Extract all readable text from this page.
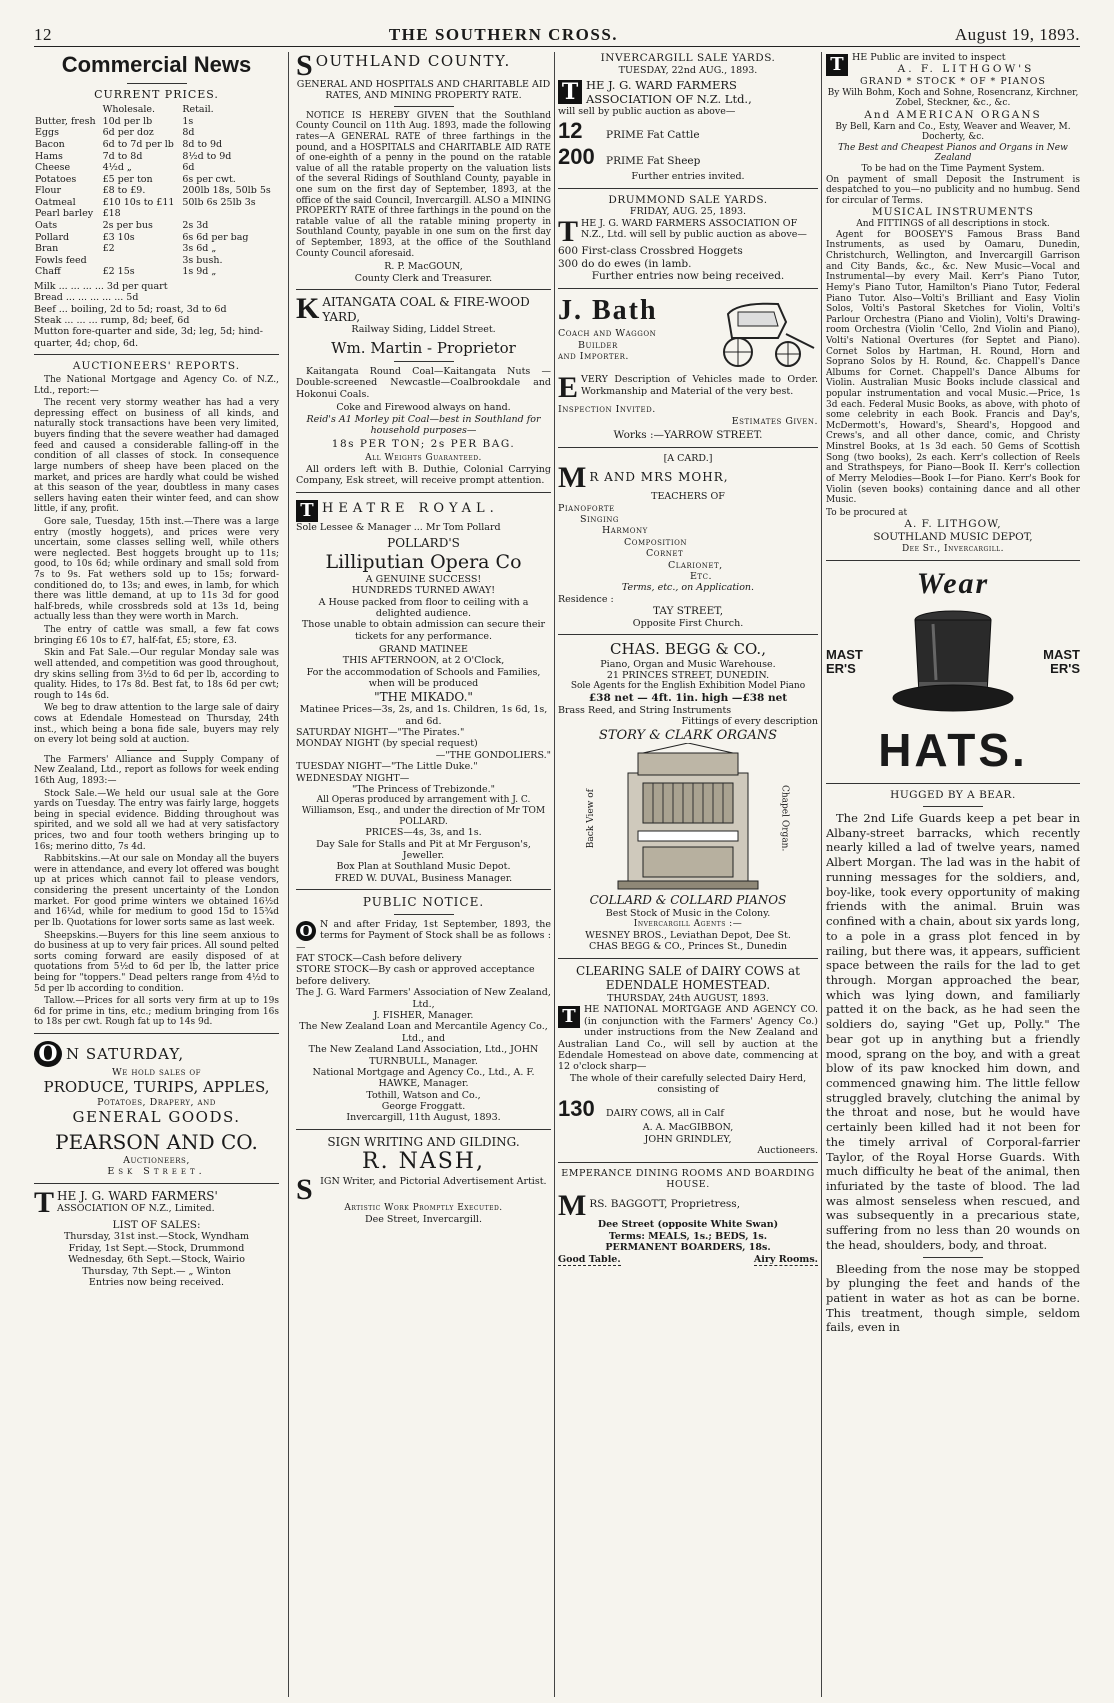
12	THE SOUTHERN CROSS.	August 19, 1893.
Commercial News
CURRENT PRICES.
	Wholesale.	Retail.
Butter, fresh	10d per lb	1s
Eggs	6d per doz	8d
Bacon	6d to 7d per lb	8d to 9d
Hams	7d to 8d	8½d to 9d
Cheese	4½d „	6d
Potatoes	£5 per ton	6s per cwt.
Flour	£8 to £9.	200lb 18s, 50lb 5s
Oatmeal	£10 10s to £11	50lb 6s 25lb 3s
Pearl barley	£18	
Oats	2s per bus	2s 3d
Pollard	£3 10s	6s 6d per bag
Bran	£2	3s 6d „
Fowls feed		3s bush.
Chaff	£2 15s	1s 9d „
Milk ... ... ... ... 3d per quart
Bread ... ... ... ... ... 5d
Beef ... boiling, 2d to 5d; roast, 3d to 6d
Steak ... ... ... rump, 8d; beef, 6d
Mutton fore-quarter and side, 3d; leg, 5d; hind-quarter, 4d; chop, 6d.
AUCTIONEERS' REPORTS.

The National Mortgage and Agency Co. of N.Z., Ltd., report:—

The recent very stormy weather has had a very depressing effect on business of all kinds, and naturally stock transactions have been very limited, buyers finding that the severe weather had damaged feed and caused a considerable falling-off in the condition of all classes of stock. In consequence large numbers of sheep have been placed on the market, and prices are hardly what could be wished at this season of the year, doubtless in many cases sellers having eaten their winter feed, and can show little, if any, profit.

Gore sale, Tuesday, 15th inst.—There was a large entry (mostly hoggets), and prices were very uncertain, some classes selling well, while others were neglected. Best hoggets brought up to 11s; good, to 10s 6d; while ordinary and small sold from 7s to 9s. Fat wethers sold up to 15s; forward-conditioned do, to 13s; and ewes, in lamb, for which there was little demand, at up to 11s 3d for good half-breds, while crossbreds sold at 13s 1d, being actually less than they were worth in March.

The entry of cattle was small, a few fat cows bringing £6 10s to £7, half-fat, £5; store, £3.

Skin and Fat Sale.—Our regular Monday sale was well attended, and competition was good throughout, dry skins selling from 3½d to 6d per lb, according to quality. Hides, to 17s 8d. Best fat, to 18s 6d per cwt; rough to 14s 6d.

We beg to draw attention to the large sale of dairy cows at Edendale Homestead on Thursday, 24th inst., which being a bona fide sale, buyers may rely on every lot being sold at auction.

The Farmers' Alliance and Supply Company of New Zealand, Ltd., report as follows for week ending 16th Aug, 1893:—

Stock Sale.—We held our usual sale at the Gore yards on Tuesday. The entry was fairly large, hoggets being in special evidence. Bidding throughout was spirited, and we sold all we had at very satisfactory prices, two and four tooth wethers bringing up to 16s; merino ditto, 7s 4d.

Rabbitskins.—At our sale on Monday all the buyers were in attendance, and every lot offered was bought up at prices which cannot fail to please vendors, considering the present uncertainty of the London market. For good prime winters we obtained 16½d and 16¼d, while for medium to good 15d to 15¾d per lb. Quotations for lower sorts same as last week.

Sheepskins.—Buyers for this line seem anxious to do business at up to very fair prices. All sound pelted sorts coming forward are easily disposed of at quotations from 5½d to 6d per lb, the latter price being for "toppers." Dead pelters range from 4½d to 5d per lb according to condition.

Tallow.—Prices for all sorts very firm at up to 19s 6d for prime in tins, etc.; medium bringing from 16s to 18s per cwt. Rough fat up to 14s 9d.

O N SATURDAY,
We hold sales of
PRODUCE, TURIPS, APPLES,
Potatoes, Drapery, and
GENERAL GOODS.
PEARSON AND CO.
Auctioneers,
Esk Street.
T HE J. G. WARD FARMERS'
ASSOCIATION OF N.Z., Limited.
LIST OF SALES:
Thursday, 31st inst.—Stock, Wyndham
Friday, 1st Sept.—Stock, Drummond
Wednesday, 6th Sept.—Stock, Wairio
Thursday, 7th Sept.— „ Winton
Entries now being received.
S OUTHLAND COUNTY.
GENERAL AND HOSPITALS AND CHARITABLE AID RATES, AND MINING PROPERTY RATE.

NOTICE IS HEREBY GIVEN that the Southland County Council on 11th Aug. 1893, made the following rates—A GENERAL RATE of three farthings in the pound, and a HOSPITALS and CHARITABLE AID RATE of one-eighth of a penny in the pound on the ratable value of all the ratable property on the valuation lists of the several Ridings of Southland County, payable in one sum on the first day of September, 1893, at the office of the said Council, Invercargill. ALSO a MINING PROPERTY RATE of three farthings in the pound on the ratable value of all the ratable mining property in Southland County, payable in one sum on the first day of September, 1893, at the office of the Southland County Council aforesaid.

R. P. MacGOUN,
County Clerk and Treasurer.
K AITANGATA COAL & FIRE-WOOD YARD,
Railway Siding, Liddel Street.
Wm. Martin - Proprietor

Kaitangata Round Coal—Kaitangata Nuts —Double-screened Newcastle—Coalbrookdale and Hokonui Coals.

Coke and Firewood always on hand.
Reid's A1 Morley pit Coal—best in Southland for household purposes—
18s PER TON; 2s PER BAG.
All Weights Guaranteed.

All orders left with B. Duthie, Colonial Carrying Company, Esk street, will receive prompt attention.

T HEATRE ROYAL.
Sole Lessee & Manager ... Mr Tom Pollard
POLLARD'S
Lilliputian Opera Co
A GENUINE SUCCESS!
HUNDREDS TURNED AWAY!
A House packed from floor to ceiling with a delighted audience.
Those unable to obtain admission can secure their tickets for any performance.
GRAND MATINEE
THIS AFTERNOON, at 2 O'Clock,
For the accommodation of Schools and Families, when will be produced
"THE MIKADO."
Matinee Prices—3s, 2s, and 1s. Children, 1s 6d, 1s, and 6d.
SATURDAY NIGHT—"The Pirates."
MONDAY NIGHT (by special request)
—"THE GONDOLIERS."
TUESDAY NIGHT—"The Little Duke."
WEDNESDAY NIGHT—
"The Princess of Trebizonde."
All Operas produced by arrangement with J. C. Williamson, Esq., and under the direction of Mr TOM POLLARD.
PRICES—4s, 3s, and 1s.
Day Sale for Stalls and Pit at Mr Ferguson's, Jeweller.
Box Plan at Southland Music Depot.
FRED W. DUVAL, Business Manager.
PUBLIC NOTICE.
O N and after Friday, 1st September, 1893, the terms for Payment of Stock shall be as follows :—
FAT STOCK—Cash before delivery
STORE STOCK—By cash or approved acceptance before delivery.
The J. G. Ward Farmers' Association of New Zealand, Ltd.,
J. FISHER, Manager.
The New Zealand Loan and Mercantile Agency Co., Ltd., and
The New Zealand Land Association, Ltd., JOHN TURNBULL, Manager.
National Mortgage and Agency Co., Ltd., A. F. HAWKE, Manager.
Tothill, Watson and Co.,
George Froggatt.
Invercargill, 11th August, 1893.
SIGN WRITING AND GILDING.
R. NASH,
S IGN Writer, and Pictorial Advertisement Artist.
Artistic Work Promptly Executed.
Dee Street, Invercargill.
INVERCARGILL SALE YARDS.
TUESDAY, 22nd AUG., 1893.
T HE J. G. WARD FARMERS ASSOCIATION OF N.Z. Ltd.,
will sell by public auction as above—
12 PRIME Fat Cattle
200 PRIME Fat Sheep
Further entries invited.
DRUMMOND SALE YARDS.
FRIDAY, AUG. 25, 1893.
T HE J. G. WARD FARMERS ASSOCIATION OF N.Z., Ltd. will sell by public auction as above—
600 First-class Crossbred Hoggets
300 do do ewes (in lamb.
Further entries now being received.
J. Bath
Coach and Waggon
Builder
and Importer.
E VERY Description of Vehicles made to Order. Workmanship and Material of the very best.
Inspection Invited.
Estimates Given.
Works :—YARROW STREET.
[A CARD.]
M R AND MRS MOHR,
TEACHERS OF
Pianoforte
Singing
Harmony
Composition
Cornet
Clarionet,
Etc.
Terms, etc., on Application.
Residence :
TAY STREET,
Opposite First Church.
CHAS. BEGG & CO.,
Piano, Organ and Music Warehouse.
21 PRINCES STREET, DUNEDIN.
Sole Agents for the English Exhibition Model Piano
£38 net — 4ft. 1in. high —£38 net
Brass Reed, and String Instruments
Fittings of every description
STORY & CLARK ORGANS
Back View of	Chapel Organ.
COLLARD & COLLARD PIANOS
Best Stock of Music in the Colony.
Invercargill Agents :—
WESNEY BROS., Leviathan Depot, Dee St.
CHAS BEGG & CO., Princes St., Dunedin
CLEARING SALE of DAIRY COWS at EDENDALE HOMESTEAD.
THURSDAY, 24th AUGUST, 1893.
T HE NATIONAL MORTGAGE AND AGENCY CO. (in conjunction with the Farmers' Agency Co.) under instructions from the New Zealand and Australian Land Co., will sell by auction at the Edendale Homestead on above date, commencing at 12 o'clock sharp—
The whole of their carefully selected Dairy Herd, consisting of
130 DAIRY COWS, all in Calf
A. A. MacGIBBON,
JOHN GRINDLEY,
Auctioneers.
EMPERANCE DINING ROOMS AND BOARDING HOUSE.
M RS. BAGGOTT, Proprietress,
Dee Street (opposite White Swan)
Terms: MEALS, 1s.; BEDS, 1s.
PERMANENT BOARDERS, 18s.
Good Table.	Airy Rooms.
T HE Public are invited to inspect
A. F. LITHGOW'S
GRAND * STOCK * OF * PIANOS
By Wilh Bohm, Koch and Sohne, Rosencranz, Kirchner, Zobel, Steckner, &c., &c.
And AMERICAN ORGANS
By Bell, Karn and Co., Esty, Weaver and Weaver, M. Docherty, &c.
The Best and Cheapest Pianos and Organs in New Zealand
To be had on the Time Payment System.
On payment of small Deposit the Instrument is despatched to you—no publicity and no humbug. Send for circular of Terms.
MUSICAL INSTRUMENTS
And FITTINGS of all descriptions in stock.

Agent for BOOSEY'S Famous Brass Band Instruments, as used by Oamaru, Dunedin, Christchurch, Wellington, and Invercargill Garrison and City Bands, &c., &c. New Music—Vocal and Instrumental—by every Mail. Kerr's Piano Tutor, Hemy's Piano Tutor, Hamilton's Piano Tutor, Federal Piano Tutor. Also—Volti's Brilliant and Easy Violin Solos, Volti's Pastoral Sketches for Violin, Volti's Parlour Orchestra (Piano and Violin), Volti's Drawing-room Orchestra (Violin 'Cello, 2nd Violin and Piano), Volti's National Overtures (for Septet and Piano). Cornet Solos by Hartman, H. Round, Horn and Soprano Solos by H. Round, &c. Chappell's Dance Albums for Cornet. Chappell's Dance Albums for Violin. Australian Music Books include classical and popular instrumentation and vocal Music.—Price, 1s 3d each. Federal Music Books, as above, with photo of some celebrity in each Book. Francis and Day's, McDermott's, Howard's, Sheard's, Hopgood and Crews's, and all other dance, comic, and Christy Minstrel Books, at 1s 3d each. 50 Gems of Scottish Song (two books), 2s each. Kerr's collection of Reels and Strathspeys, for Piano—Book II. Kerr's collection of Merry Melodies—Book I—for Piano. Kerr's Book for Violin (seven books) containing dance and all other Music.

To be procured at
A. F. LITHGOW,
SOUTHLAND MUSIC DEPOT,
Dee St., Invercargill.
Wear
MASTER'S
MASTER'S
HATS.
HUGGED BY A BEAR.

The 2nd Life Guards keep a pet bear in Albany-street barracks, which recently nearly killed a lad of twelve years, named Albert Morgan. The lad was in the habit of running messages for the soldiers, and, boy-like, took every opportunity of making friends with the animal. Bruin was confined with a chain, about six yards long, to a pole in a grass plot fenced in by railing, but there was, it appears, sufficient space between the rails for the lad to get through. Morgan approached the bear, which was lying down, and familiarly patted it on the back, as he had seen the soldiers do, saying "Get up, Polly." The bear got up in anything but a friendly mood, sprang on the boy, and with a great blow of its paw knocked him down, and commenced gnawing him. The little fellow struggled bravely, clutching the animal by the throat and nose, but he would have certainly been killed had it not been for the timely arrival of Corporal-farrier Taylor, of the Royal Horse Guards. With much difficulty he beat of the animal, then infuriated by the taste of blood. The lad was almost senseless when rescued, and was subsequently in a precarious state, suffering from no less than 20 wounds on the head, shoulders, body, and throat.

Bleeding from the nose may be stopped by plunging the feet and hands of the patient in water as hot as can be borne. This treatment, though simple, seldom fails, even in
